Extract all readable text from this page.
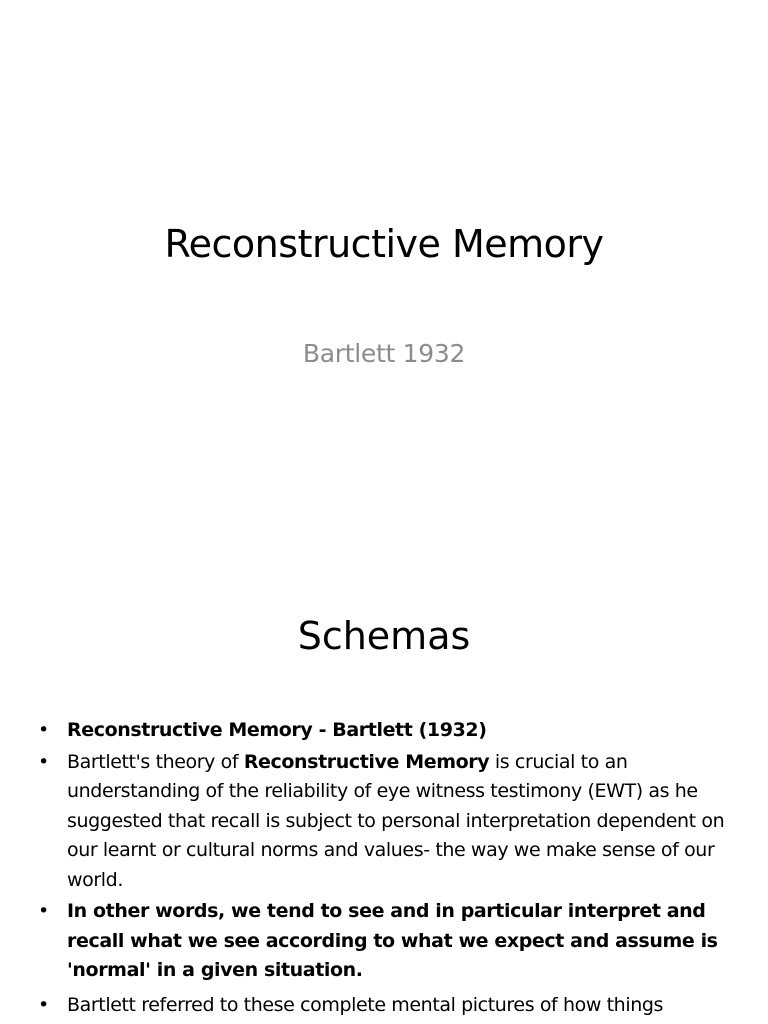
Reconstructive Memory
Bartlett 1932
Schemas
• Reconstructive Memory - Bartlett (1932)
• Bartlett's theory of Reconstructive Memory is crucial to an understanding of the reliability of eye witness testimony (EWT) as he suggested that recall is subject to personal interpretation dependent on our learnt or cultural norms and values- the way we make sense of our world.
• In other words, we tend to see and in particular interpret and recall what we see according to what we expect and assume is 'normal' in a given situation.
• Bartlett referred to these complete mental pictures of how things
